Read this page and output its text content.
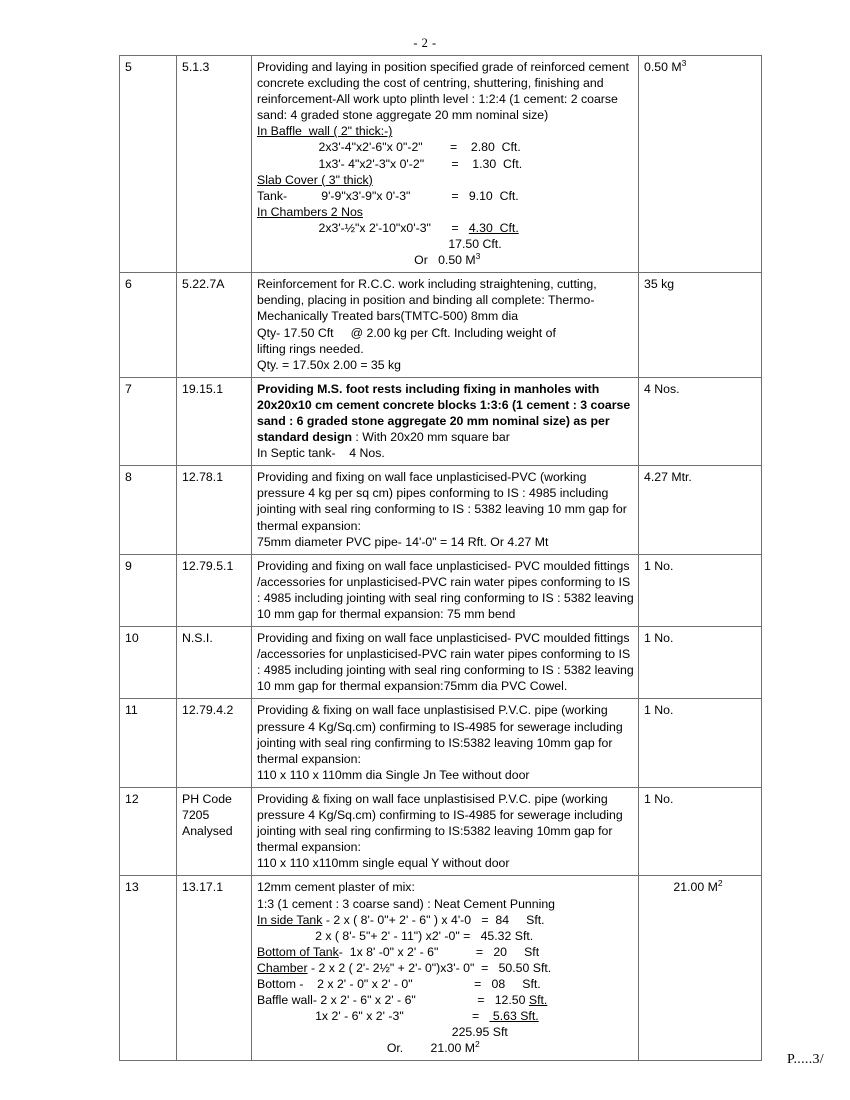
- 2 -
5	5.1.3	Providing and laying in position specified grade of reinforced cement concrete excluding the cost of centring, shuttering, finishing and reinforcement-All work upto plinth level : 1:2:4 (1 cement: 2 coarse sand: 4 graded stone aggregate 20 mm nominal size)
In Baffle  wall ( 2" thick:-)
2x3'-4"x2'-6"x 0"-2"        =    2.80  Cft.
1x3'- 4"x2'-3"x 0'-2"        =    1.30  Cft.
Slab Cover ( 3" thick)
Tank-          9'-9"x3'-9"x 0'-3"            =   9.10  Cft.
In Chambers 2 Nos
2x3'-½"x 2'-10"x0'-3"      =   4.30  Cft.
17.50 Cft.
Or   0.50 $M^3$
	0.50 $M^3$
6	5.22.7A	Reinforcement for R.C.C. work including straightening, cutting, bending, placing in position and binding all complete: Thermo-Mechanically Treated bars(TMTC-500) 8mm dia
Qty- 17.50 Cft     @ 2.00 kg per Cft. Including weight of
lifting rings needed.
Qty. = 17.50x 2.00 = 35 kg	35 kg
7	19.15.1	Providing M.S. foot rests including fixing in manholes with 20x20x10 cm cement concrete blocks 1:3:6 (1 cement : 3 coarse sand : 6 graded stone aggregate 20 mm nominal size) as per standard design : With 20x20 mm square bar
In Septic tank-    4 Nos.	4 Nos.
8	12.78.1	Providing and fixing on wall face unplasticised-PVC (working pressure 4 kg per sq cm) pipes conforming to IS : 4985 including jointing with seal ring conforming to IS : 5382 leaving 10 mm gap for thermal expansion:
75mm diameter PVC pipe- 14'-0" = 14 Rft. Or 4.27 Mt	4.27 Mtr.
9	12.79.5.1	Providing and fixing on wall face unplasticised- PVC moulded fittings /accessories for unplasticised-PVC rain water pipes conforming to IS : 4985 including jointing with seal ring conforming to IS : 5382 leaving 10 mm gap for thermal expansion: 75 mm bend	1 No.
10	N.S.I.	Providing and fixing on wall face unplasticised- PVC moulded fittings /accessories for unplasticised-PVC rain water pipes conforming to IS : 4985 including jointing with seal ring conforming to IS : 5382 leaving 10 mm gap for thermal expansion:75mm dia PVC Cowel.	1 No.
11	12.79.4.2	Providing & fixing on wall face unplastisised P.V.C. pipe (working pressure 4 Kg/Sq.cm) confirming to IS-4985 for sewerage including jointing with seal ring confirming to IS:5382 leaving 10mm gap for thermal expansion:
110 x 110 x 110mm dia Single Jn Tee without door	1 No.
12	PH Code
7205
Analysed	Providing & fixing on wall face unplastisised P.V.C. pipe (working pressure 4 Kg/Sq.cm) confirming to IS-4985 for sewerage including jointing with seal ring confirming to IS:5382 leaving 10mm gap for thermal expansion:
110 x 110 x110mm single equal Y without door
	1 No.
13	13.17.1	12mm cement plaster of mix:
1:3 (1 cement : 3 coarse sand) : Neat Cement Punning
In side Tank - 2 x ( 8'- 0"+ 2' - 6" ) x 4'-0   =  84     Sft.
2 x ( 8'- 5"+ 2' - 11") x2' -0" =   45.32 Sft.
Bottom of Tank-  1x 8' -0" x 2' - 6"           =   20     Sft
Chamber - 2 x 2 ( 2'- 2½" + 2'- 0")x3'- 0"  =   50.50 Sft.
Bottom -    2 x 2' - 0" x 2' - 0"                  =   08     Sft.
Baffle wall- 2 x 2' - 6" x 2' - 6"                  =   12.50 Sft.
1x 2' - 6" x 2' -3"                    =    5.63 Sft.
225.95 Sft
Or.        21.00 $M^2$
	21.00 $M^2$
P.....3/
